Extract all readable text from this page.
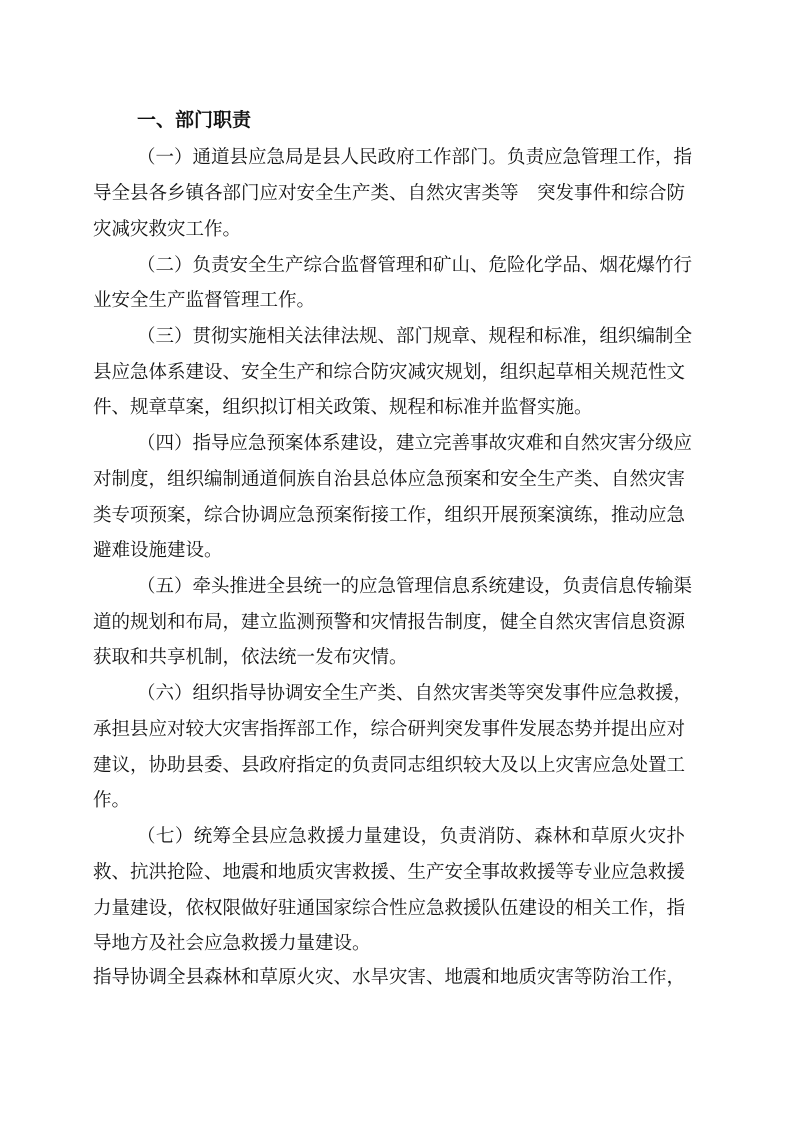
一、部门职责

（一）通道县应急局是县人民政府工作部门。负责应急管理工作，指

导全县各乡镇各部门应对安全生产类、自然灾害类等　突发事件和综合防

灾减灾救灾工作。

（二）负责安全生产综合监督管理和矿山、危险化学品、烟花爆竹行

业安全生产监督管理工作。

（三）贯彻实施相关法律法规、部门规章、规程和标准，组织编制全

县应急体系建设、安全生产和综合防灾减灾规划，组织起草相关规范性文

件、规章草案，组织拟订相关政策、规程和标准并监督实施。

（四）指导应急预案体系建设，建立完善事故灾难和自然灾害分级应

对制度，组织编制通道侗族自治县总体应急预案和安全生产类、自然灾害

类专项预案，综合协调应急预案衔接工作，组织开展预案演练，推动应急

避难设施建设。

（五）牵头推进全县统一的应急管理信息系统建设，负责信息传输渠

道的规划和布局，建立监测预警和灾情报告制度，健全自然灾害信息资源

获取和共享机制，依法统一发布灾情。

（六）组织指导协调安全生产类、自然灾害类等突发事件应急救援，

承担县应对较大灾害指挥部工作，综合研判突发事件发展态势并提出应对

建议，协助县委、县政府指定的负责同志组织较大及以上灾害应急处置工

作。

（七）统筹全县应急救援力量建设，负责消防、森林和草原火灾扑

救、抗洪抢险、地震和地质灾害救援、生产安全事故救援等专业应急救援

力量建设，依权限做好驻通国家综合性应急救援队伍建设的相关工作，指

导地方及社会应急救援力量建设。

指导协调全县森林和草原火灾、水旱灾害、地震和地质灾害等防治工作，
